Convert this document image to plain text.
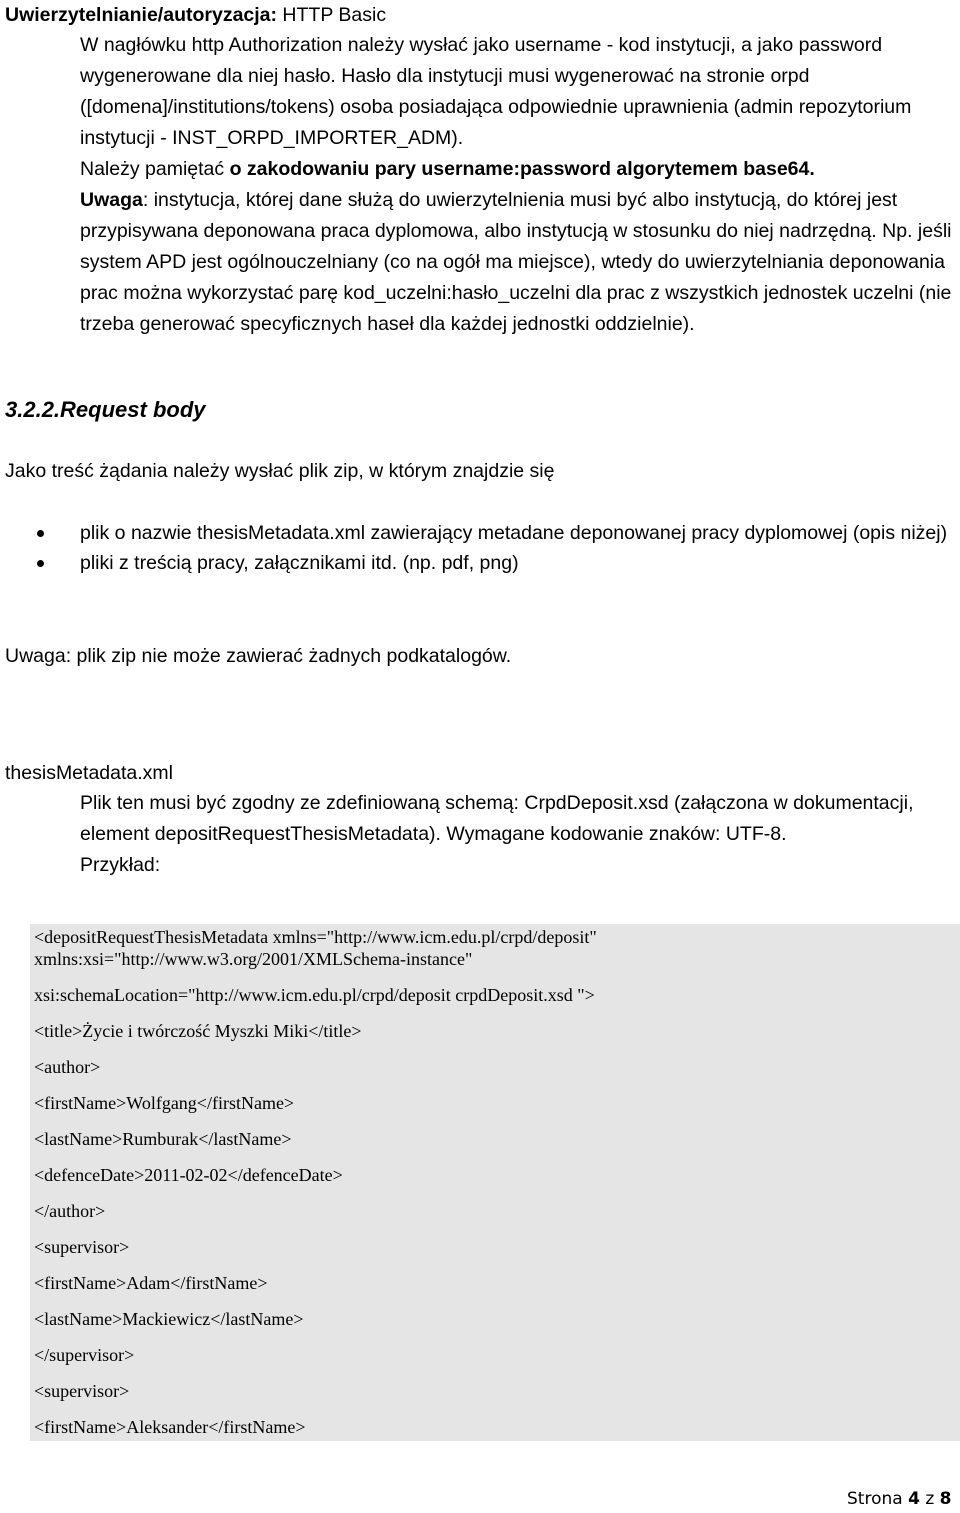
Uwierzytelnianie/autoryzacja: HTTP Basic

W nagłówku http Authorization należy wysłać jako username - kod instytucji, a jako password wygenerowane dla niej hasło. Hasło dla instytucji musi wygenerować na stronie orpd ([domena]/institutions/tokens) osoba posiadająca odpowiednie uprawnienia (admin repozytorium instytucji - INST_ORPD_IMPORTER_ADM).

Należy pamiętać o zakodowaniu pary username:password algorytemem base64.

Uwaga: instytucja, której dane służą do uwierzytelnienia musi być albo instytucją, do której jest przypisywana deponowana praca dyplomowa, albo instytucją w stosunku do niej nadrzędną. Np. jeśli system APD jest ogólnouczelniany (co na ogół ma miejsce), wtedy do uwierzytelniania deponowania prac można wykorzystać parę kod_uczelni:hasło_uczelni dla prac z wszystkich jednostek uczelni (nie trzeba generować specyficznych haseł dla każdej jednostki oddzielnie).

3.2.2.Request body
Jako treść żądania należy wysłać plik zip, w którym znajdzie się
plik o nazwie thesisMetadata.xml zawierający metadane deponowanej pracy dyplomowej (opis niżej)
pliki z treścią pracy, załącznikami itd. (np. pdf, png)
Uwaga: plik zip nie może zawierać żadnych podkatalogów.
thesisMetadata.xml

Plik ten musi być zgodny ze zdefiniowaną schemą: CrpdDeposit.xsd (załączona w dokumentacji, element depositRequestThesisMetadata). Wymagane kodowanie znaków: UTF-8.

Przykład:

<depositRequestThesisMetadata xmlns="http://www.icm.edu.pl/crpd/deposit"
xmlns:xsi="http://www.w3.org/2001/XMLSchema-instance"
xsi:schemaLocation="http://www.icm.edu.pl/crpd/deposit crpdDeposit.xsd ">
<title>Życie i twórczość Myszki Miki</title>
<author>
<firstName>Wolfgang</firstName>
<lastName>Rumburak</lastName>
<defenceDate>2011-02-02</defenceDate>
</author>
<supervisor>
<firstName>Adam</firstName>
<lastName>Mackiewicz</lastName>
</supervisor>
<supervisor>
<firstName>Aleksander</firstName>
Strona 4 z 8
